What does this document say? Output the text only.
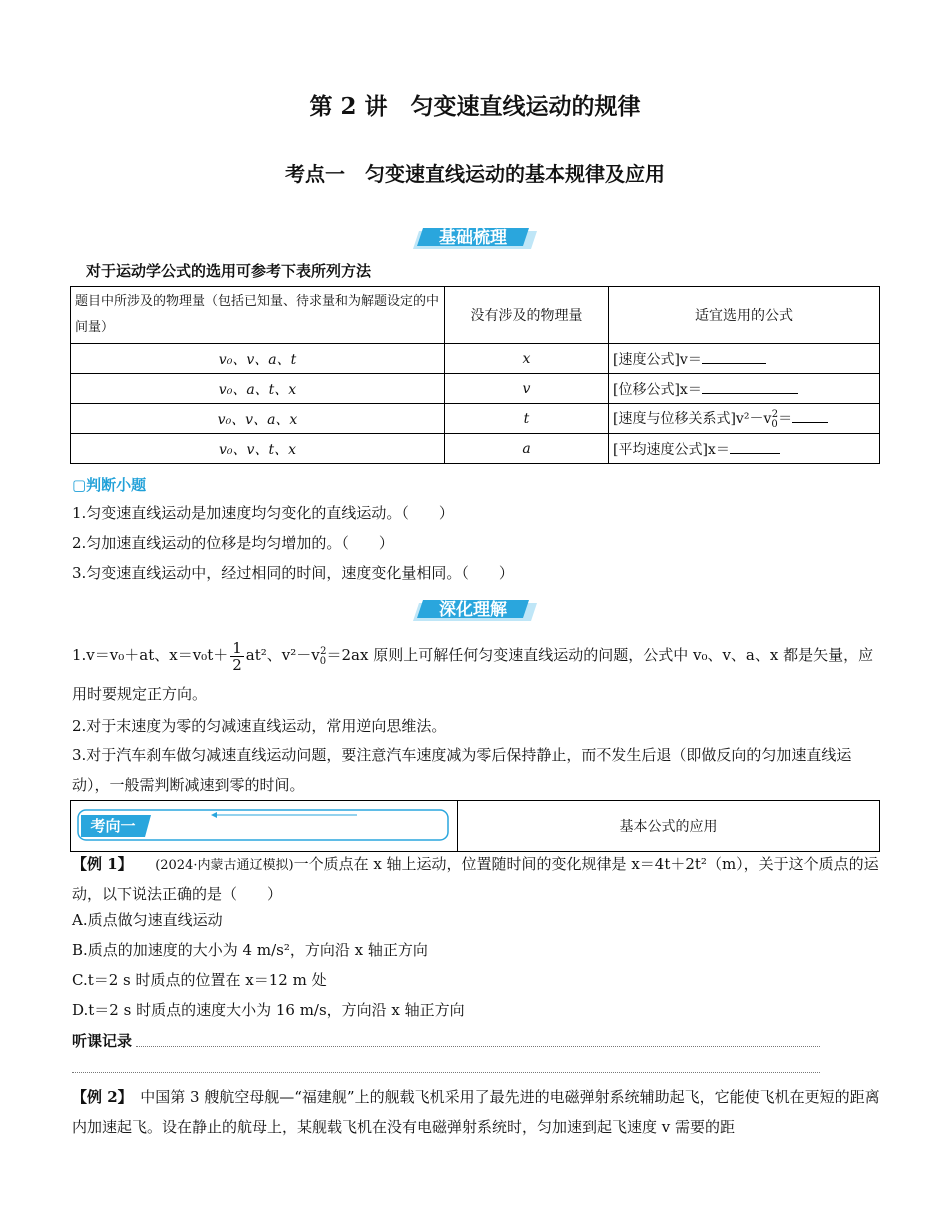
第 2 讲　匀变速直线运动的规律
考点一　匀变速直线运动的基本规律及应用
基础梳理
对于运动学公式的选用可参考下表所列方法
题目中所涉及的物理量（包括已知量、待求量和为解题设定的中间量）	没有涉及的物理量	适宜选用的公式
v₀、v、a、t	x	[速度公式]v＝
v₀、a、t、x	v	[位移公式]x＝
v₀、v、a、x	t	[速度与位移关系式]$v^2-v_0^2=$
v₀、v、t、x	a	[平均速度公式]x＝
▢判断小题
1.匀变速直线运动是加速度均匀变化的直线运动。（　　）
2.匀加速直线运动的位移是均匀增加的。（　　）
3.匀变速直线运动中，经过相同的时间，速度变化量相同。（　　）
深化理解
1.v＝v₀＋at、$x=v_0t+ \frac{1}{2} at^2$、$v^2-v_0^2=2ax$ 原则上可解任何匀变速直线运动的问题，公式中 v₀、v、a、x 都是矢量，应用时要规定正方向。
2.对于末速度为零的匀减速直线运动，常用逆向思维法。
3.对于汽车刹车做匀减速直线运动问题，要注意汽车速度减为零后保持静止，而不发生后退（即做反向的匀加速直线运动），一般需判断减速到零的时间。
考向一	基本公式的应用
【例 1】　　 (2024·内蒙古通辽模拟)一个质点在 x 轴上运动，位置随时间的变化规律是 x＝4t＋2t²（m），关于这个质点的运动，以下说法正确的是（　　）
A.质点做匀速直线运动
B.质点的加速度的大小为 4 m/s²，方向沿 x 轴正方向
C.t＝2 s 时质点的位置在 x＝12 m 处
D.t＝2 s 时质点的速度大小为 16 m/s，方向沿 x 轴正方向
听课记录
【例 2】　 中国第 3 艘航空母舰—“福建舰”上的舰载飞机采用了最先进的电磁弹射系统辅助起飞，它能使飞机在更短的距离内加速起飞。设在静止的航母上，某舰载飞机在没有电磁弹射系统时，匀加速到起飞速度 v 需要的距
